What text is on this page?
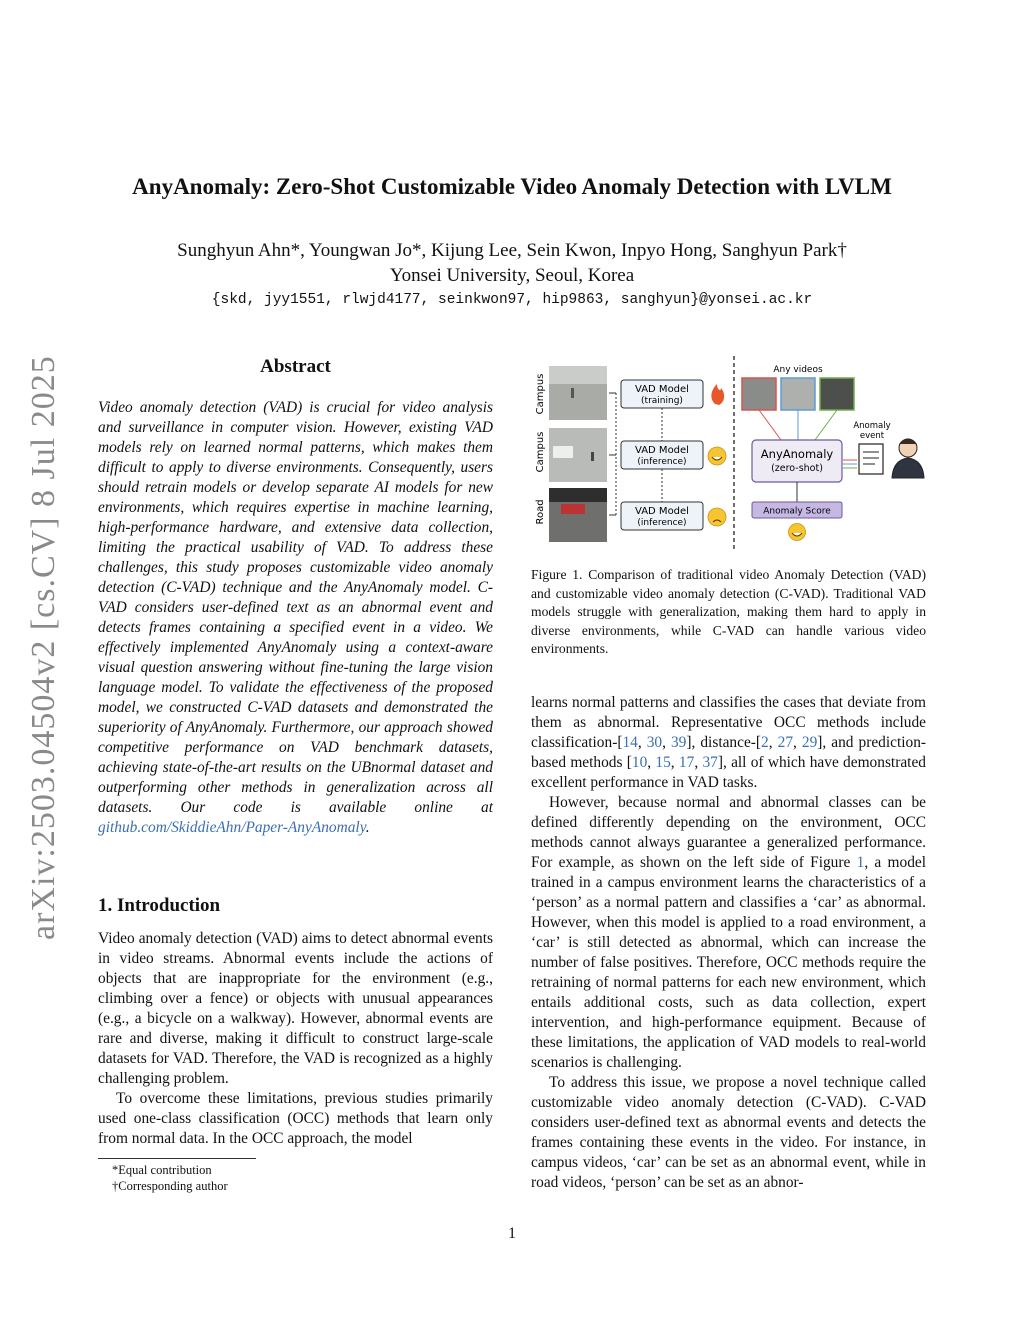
arXiv:2503.04504v2 [cs.CV] 8 Jul 2025
AnyAnomaly: Zero-Shot Customizable Video Anomaly Detection with LVLM
Sunghyun Ahn*, Youngwan Jo*, Kijung Lee, Sein Kwon, Inpyo Hong, Sanghyun Park†
Yonsei University, Seoul, Korea
{skd, jyy1551, rlwjd4177, seinkwon97, hip9863, sanghyun}@yonsei.ac.kr
Abstract
Video anomaly detection (VAD) is crucial for video analysis and surveillance in computer vision. However, existing VAD models rely on learned normal patterns, which makes them difficult to apply to diverse environments. Consequently, users should retrain models or develop separate AI models for new environments, which requires expertise in machine learning, high-performance hardware, and extensive data collection, limiting the practical usability of VAD. To address these challenges, this study proposes customizable video anomaly detection (C-VAD) technique and the AnyAnomaly model. C-VAD considers user-defined text as an abnormal event and detects frames containing a specified event in a video. We effectively implemented AnyAnomaly using a context-aware visual question answering without fine-tuning the large vision language model. To validate the effectiveness of the proposed model, we constructed C-VAD datasets and demonstrated the superiority of AnyAnomaly. Furthermore, our approach showed competitive performance on VAD benchmark datasets, achieving state-of-the-art results on the UBnormal dataset and outperforming other methods in generalization across all datasets. Our code is available online at github.com/SkiddieAhn/Paper-AnyAnomaly.
1. Introduction

Video anomaly detection (VAD) aims to detect abnormal events in video streams. Abnormal events include the actions of objects that are inappropriate for the environment (e.g., climbing over a fence) or objects with unusual appearances (e.g., a bicycle on a walkway). However, abnormal events are rare and diverse, making it difficult to construct large-scale datasets for VAD. Therefore, the VAD is recognized as a highly challenging problem.

To overcome these limitations, previous studies primarily used one-class classification (OCC) methods that learn only from normal data. In the OCC approach, the model

*Equal contribution
†Corresponding author
Campus
Campus
Road
VAD Model
(training)
VAD Model
(inference)
VAD Model
(inference)
Any videos
AnyAnomaly
(zero-shot)
Anomaly Score
Anomaly
event
Figure 1. Comparison of traditional video Anomaly Detection (VAD) and customizable video anomaly detection (C-VAD). Traditional VAD models struggle with generalization, making them hard to apply in diverse environments, while C-VAD can handle various video environments.

learns normal patterns and classifies the cases that deviate from them as abnormal. Representative OCC methods include classification-[14, 30, 39], distance-[2, 27, 29], and prediction-based methods [10, 15, 17, 37], all of which have demonstrated excellent performance in VAD tasks.

However, because normal and abnormal classes can be defined differently depending on the environment, OCC methods cannot always guarantee a generalized performance. For example, as shown on the left side of Figure 1, a model trained in a campus environment learns the characteristics of a ‘person’ as a normal pattern and classifies a ‘car’ as abnormal. However, when this model is applied to a road environment, a ‘car’ is still detected as abnormal, which can increase the number of false positives. Therefore, OCC methods require the retraining of normal patterns for each new environment, which entails additional costs, such as data collection, expert intervention, and high-performance equipment. Because of these limitations, the application of VAD models to real-world scenarios is challenging.

To address this issue, we propose a novel technique called customizable video anomaly detection (C-VAD). C-VAD considers user-defined text as abnormal events and detects the frames containing these events in the video. For instance, in campus videos, ‘car’ can be set as an abnormal event, while in road videos, ‘person’ can be set as an abnor-

1
